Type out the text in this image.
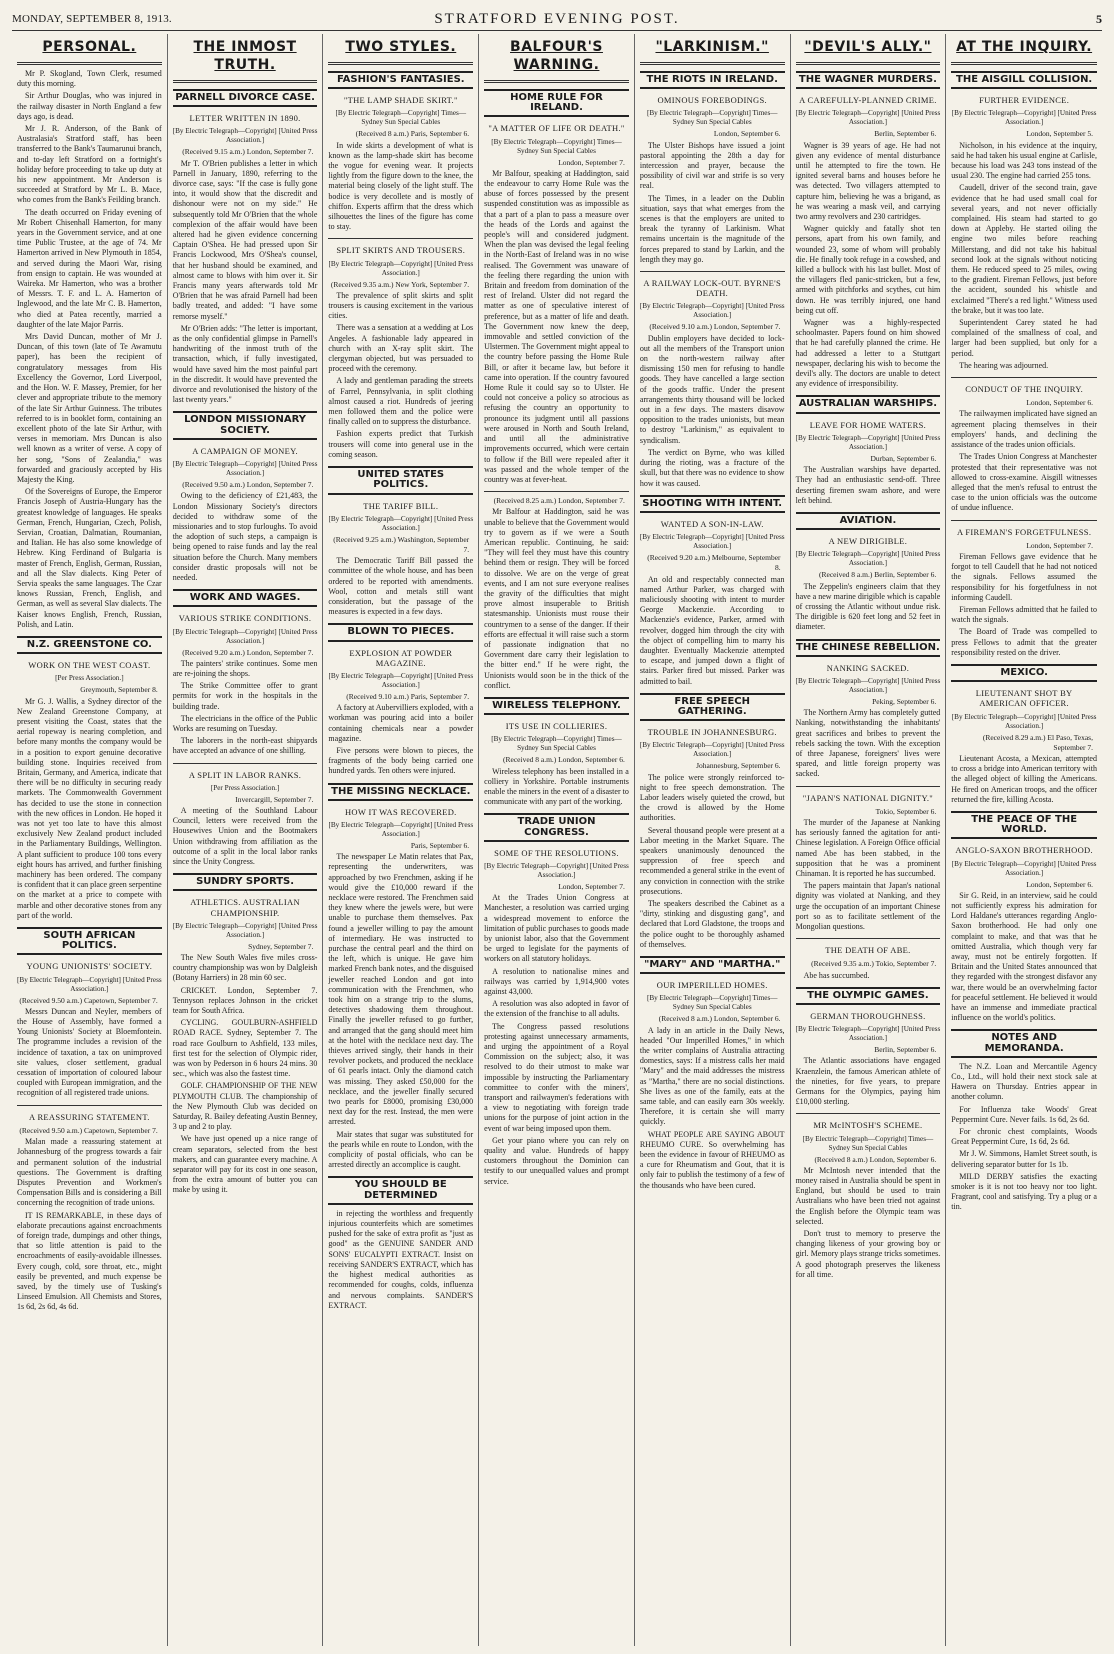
MONDAY, SEPTEMBER 8, 1913.	STRATFORD EVENING POST.	5
PERSONAL.

Mr P. Skogland, Town Clerk, resumed duty this morning.

Sir Arthur Douglas, who was injured in the railway disaster in North England a few days ago, is dead.

Mr J. R. Anderson, of the Bank of Australasia's Stratford staff, has been transferred to the Bank's Taumarunui branch, and to-day left Stratford on a fortnight's holiday before proceeding to take up duty at his new appointment. Mr Anderson is succeeded at Stratford by Mr L. B. Mace, who comes from the Bank's Feilding branch.

The death occurred on Friday evening of Mr Robert Chisenhall Hamerton, for many years in the Government service, and at one time Public Trustee, at the age of 74. Mr Hamerton arrived in New Plymouth in 1854, and served during the Maori War, rising from ensign to captain. He was wounded at Waireka. Mr Hamerton, who was a brother of Messrs. T. F. and L. A. Hamerton of Inglewood, and the late Mr C. B. Hamerton, who died at Patea recently, married a daughter of the late Major Parris.

Mrs David Duncan, mother of Mr J. Duncan, of this town (late of Te Awamutu paper), has been the recipient of congratulatory messages from His Excellency the Governor, Lord Liverpool, and the Hon. W. F. Massey, Premier, for her clever and appropriate tribute to the memory of the late Sir Arthur Guinness. The tributes referred to is in booklet form, containing an excellent photo of the late Sir Arthur, with verses in memoriam. Mrs Duncan is also well known as a writer of verse. A copy of her song, "Sons of Zealandia," was forwarded and graciously accepted by His Majesty the King.

Of the Sovereigns of Europe, the Emperor Francis Joseph of Austria-Hungary has the greatest knowledge of languages. He speaks German, French, Hungarian, Czech, Polish, Servian, Croatian, Dalmatian, Roumanian, and Italian. He has also some knowledge of Hebrew. King Ferdinand of Bulgaria is master of French, English, German, Russian, and all the Slav dialects. King Peter of Servia speaks the same languages. The Czar knows Russian, French, English, and German, as well as several Slav dialects. The Kaiser knows English, French, Russian, Polish, and Latin.

N.Z. GREENSTONE CO.
WORK ON THE WEST COAST.
[Per Press Association.]
Greymouth, September 8.

Mr G. J. Wallis, a Sydney director of the New Zealand Greenstone Company, at present visiting the Coast, states that the aerial ropeway is nearing completion, and before many months the company would be in a position to export genuine decorative building stone. Inquiries received from Britain, Germany, and America, indicate that there will be no difficulty in securing ready markets. The Commonwealth Government has decided to use the stone in connection with the new offices in London. He hoped it was not yet too late to have this almost exclusively New Zealand product included in the Parliamentary Buildings, Wellington. A plant sufficient to produce 100 tons every eight hours has arrived, and further finishing machinery has been ordered. The company is confident that it can place green serpentine on the market at a price to compete with marble and other decorative stones from any part of the world.

SOUTH AFRICAN POLITICS.
YOUNG UNIONISTS' SOCIETY.
[By Electric Telegraph—Copyright] [United Press Association.]
(Received 9.50 a.m.) Capetown, September 7.

Messrs Duncan and Neyler, members of the House of Assembly, have formed a Young Unionists' Society at Bloemfontein. The programme includes a revision of the incidence of taxation, a tax on unimproved site values, closer settlement, gradual cessation of importation of coloured labour coupled with European immigration, and the recognition of all registered trade unions.

A REASSURING STATEMENT.
(Received 9.50 a.m.) Capetown, September 7.

Malan made a reassuring statement at Johannesburg of the progress towards a fair and permanent solution of the industrial questions. The Government is drafting Disputes Prevention and Workmen's Compensation Bills and is considering a Bill concerning the recognition of trade unions.

IT IS REMARKABLE, in these days of elaborate precautions against encroachments of foreign trade, dumpings and other things, that so little attention is paid to the encroachments of easily-avoidable illnesses. Every cough, cold, sore throat, etc., might easily be prevented, and much expense be saved, by the timely use of Tusking's Linseed Emulsion. All Chemists and Stores, 1s 6d, 2s 6d, 4s 6d.

THE INMOST TRUTH.
PARNELL DIVORCE CASE.
LETTER WRITTEN IN 1890.
[By Electric Telegraph—Copyright] [United Press Association.]
(Received 9.15 a.m.) London, September 7.

Mr T. O'Brien publishes a letter in which Parnell in January, 1890, referring to the divorce case, says: "If the case is fully gone into, it would show that the discredit and dishonour were not on my side." He subsequently told Mr O'Brien that the whole complexion of the affair would have been altered had he given evidence concerning Captain O'Shea. He had pressed upon Sir Francis Lockwood, Mrs O'Shea's counsel, that her husband should be examined, and almost came to blows with him over it. Sir Francis many years afterwards told Mr O'Brien that he was afraid Parnell had been badly treated, and added: "I have some remorse myself."

Mr O'Brien adds: "The letter is important, as the only confidential glimpse in Parnell's handwriting of the inmost truth of the transaction, which, if fully investigated, would have saved him the most painful part in the discredit. It would have prevented the divorce and revolutionised the history of the last twenty years."

LONDON MISSIONARY SOCIETY.
A CAMPAIGN OF MONEY.
[By Electric Telegraph—Copyright] [United Press Association.]
(Received 9.50 a.m.) London, September 7.

Owing to the deficiency of £21,483, the London Missionary Society's directors decided to withdraw some of the missionaries and to stop furloughs. To avoid the adoption of such steps, a campaign is being opened to raise funds and lay the real situation before the Church. Many members consider drastic proposals will not be needed.

WORK AND WAGES.
VARIOUS STRIKE CONDITIONS.
[By Electric Telegraph—Copyright] [United Press Association.]
(Received 9.20 a.m.) London, September 7.

The painters' strike continues. Some men are re-joining the shops.

The Strike Committee offer to grant permits for work in the hospitals in the building trade.

The electricians in the office of the Public Works are resuming on Tuesday.

The laborers in the north-east shipyards have accepted an advance of one shilling.

A SPLIT IN LABOR RANKS.
[Per Press Association.]
Invercargill, September 7.

A meeting of the Southland Labour Council, letters were received from the Housewives Union and the Bootmakers Union withdrawing from affiliation as the outcome of a split in the local labor ranks since the Unity Congress.

SUNDRY SPORTS.
ATHLETICS. AUSTRALIAN CHAMPIONSHIP.
[By Electric Telegraph—Copyright] [United Press Association.]
Sydney, September 7.

The New South Wales five miles cross-country championship was won by Dalgleish (Botany Harriers) in 28 min 60 sec.

CRICKET. London, September 7. Tennyson replaces Johnson in the cricket team for South Africa.

CYCLING. GOULBURN-ASHFIELD ROAD RACE. Sydney, September 7. The road race Goulburn to Ashfield, 133 miles, first test for the selection of Olympic rider, was won by Pederson in 6 hours 24 mins. 30 sec., which was also the fastest time.

GOLF. CHAMPIONSHIP OF THE NEW PLYMOUTH CLUB. The championship of the New Plymouth Club was decided on Saturday, R. Bailey defeating Austin Benney, 3 up and 2 to play.

We have just opened up a nice range of cream separators, selected from the best makers, and can guarantee every machine. A separator will pay for its cost in one season, from the extra amount of butter you can make by using it.

TWO STYLES.
FASHION'S FANTASIES.
"THE LAMP SHADE SKIRT."
[By Electric Telegraph—Copyright] Times—Sydney Sun Special Cables
(Received 8 a.m.) Paris, September 6.

In wide skirts a development of what is known as the lamp-shade skirt has become the vogue for evening wear. It projects lightly from the figure down to the knee, the material being closely of the light stuff. The bodice is very decollete and is mostly of chiffon. Experts affirm that the dress which silhouettes the lines of the figure has come to stay.

SPLIT SKIRTS AND TROUSERS.
[By Electric Telegraph—Copyright] [United Press Association.]
(Received 9.35 a.m.) New York, September 7.

The prevalence of split skirts and split trousers is causing excitement in the various cities.

There was a sensation at a wedding at Los Angeles. A fashionable lady appeared in church with an X-ray split skirt. The clergyman objected, but was persuaded to proceed with the ceremony.

A lady and gentleman parading the streets of Farrel, Pennsylvania, in split clothing almost caused a riot. Hundreds of jeering men followed them and the police were finally called on to suppress the disturbance.

Fashion experts predict that Turkish trousers will come into general use in the coming season.

UNITED STATES POLITICS.
THE TARIFF BILL.
[By Electric Telegraph—Copyright] [United Press Association.]
(Received 9.25 a.m.) Washington, September 7.

The Democratic Tariff Bill passed the committee of the whole house, and has been ordered to be reported with amendments. Wool, cotton and metals still want consideration, but the passage of the measures is expected in a few days.

BLOWN TO PIECES.
EXPLOSION AT POWDER MAGAZINE.
[By Electric Telegraph—Copyright] [United Press Association.]
(Received 9.10 a.m.) Paris, September 7.

A factory at Aubervilliers exploded, with a workman was pouring acid into a boiler containing chemicals near a powder magazine.

Five persons were blown to pieces, the fragments of the body being carried one hundred yards. Ten others were injured.

THE MISSING NECKLACE.
HOW IT WAS RECOVERED.
[By Electric Telegraph—Copyright] [United Press Association.]
Paris, September 6.

The newspaper Le Matin relates that Pax, representing the underwriters, was approached by two Frenchmen, asking if he would give the £10,000 reward if the necklace were restored. The Frenchmen said they knew where the jewels were, but were unable to purchase them themselves. Pax found a jeweller willing to pay the amount of intermediary. He was instructed to purchase the central pearl and the third on the left, which is unique. He gave him marked French bank notes, and the disguised jeweller reached London and got into communication with the Frenchmen, who took him on a strange trip to the slums, detectives shadowing them throughout. Finally the jeweller refused to go further, and arranged that the gang should meet him at the hotel with the necklace next day. The thieves arrived singly, their hands in their revolver pockets, and produced the necklace of 61 pearls intact. Only the diamond catch was missing. They asked £50,000 for the necklace, and the jeweller finally secured two pearls for £8000, promising £30,000 next day for the rest. Instead, the men were arrested.

Mair states that sugar was substituted for the pearls while en route to London, with the complicity of postal officials, who can be arrested directly an accomplice is caught.

YOU SHOULD BE DETERMINED

in rejecting the worthless and frequently injurious counterfeits which are sometimes pushed for the sake of extra profit as "just as good" as the GENUINE SANDER AND SONS' EUCALYPTI EXTRACT. Insist on receiving SANDER'S EXTRACT, which has the highest medical authorities as recommended for coughs, colds, influenza and nervous complaints. SANDER'S EXTRACT.

BALFOUR'S WARNING.
HOME RULE FOR IRELAND.
"A MATTER OF LIFE OR DEATH."
[By Electric Telegraph—Copyright] Times—Sydney Sun Special Cables
London, September 7.

Mr Balfour, speaking at Haddington, said the endeavour to carry Home Rule was the abuse of forces possessed by the present suspended constitution was as impossible as that a part of a plan to pass a measure over the heads of the Lords and against the people's will and considered judgment. When the plan was devised the legal feeling in the North-East of Ireland was in no wise realised. The Government was unaware of the feeling there regarding the union with Britain and freedom from domination of the rest of Ireland. Ulster did not regard the matter as one of speculative interest of preference, but as a matter of life and death. The Government now knew the deep, immovable and settled conviction of the Ulstermen. The Government might appeal to the country before passing the Home Rule Bill, or after it became law, but before it came into operation. If the country favoured Home Rule it could say so to Ulster. He could not conceive a policy so atrocious as refusing the country an opportunity to pronounce its judgment until all passions were aroused in North and South Ireland, and until all the administrative improvements occurred, which were certain to follow if the Bill were repealed after it was passed and the whole temper of the country was at fever-heat.

(Received 8.25 a.m.) London, September 7.

Mr Balfour at Haddington, said he was unable to believe that the Government would try to govern as if we were a South American republic. Continuing, he said: "They will feel they must have this country behind them or resign. They will be forced to dissolve. We are on the verge of great events, and I am not sure everyone realises the gravity of the difficulties that might prove almost insuperable to British statesmanship. Unionists must rouse their countrymen to a sense of the danger. If their efforts are effectual it will raise such a storm of passionate indignation that no Government dare carry their legislation to the bitter end." If he were right, the Unionists would soon be in the thick of the conflict.

WIRELESS TELEPHONY.
ITS USE IN COLLIERIES.
[By Electric Telegraph—Copyright] Times—Sydney Sun Special Cables
(Received 8 a.m.) London, September 6.

Wireless telephony has been installed in a colliery in Yorkshire. Portable instruments enable the miners in the event of a disaster to communicate with any part of the working.

TRADE UNION CONGRESS.
SOME OF THE RESOLUTIONS.
[By Electric Telegraph—Copyright] [United Press Association.]
London, September 7.

At the Trades Union Congress at Manchester, a resolution was carried urging a widespread movement to enforce the limitation of public purchases to goods made by unionist labor, also that the Government be urged to legislate for the payments of workers on all statutory holidays.

A resolution to nationalise mines and railways was carried by 1,914,900 votes against 43,000.

A resolution was also adopted in favor of the extension of the franchise to all adults.

The Congress passed resolutions protesting against unnecessary armaments, and urging the appointment of a Royal Commission on the subject; also, it was resolved to do their utmost to make war impossible by instructing the Parliamentary committee to confer with the miners', transport and railwaymen's federations with a view to negotiating with foreign trade unions for the purpose of joint action in the event of war being imposed upon them.

Get your piano where you can rely on quality and value. Hundreds of happy customers throughout the Dominion can testify to our unequalled values and prompt service.

"LARKINISM."
THE RIOTS IN IRELAND.
OMINOUS FOREBODINGS.
[By Electric Telegraph—Copyright] Times—Sydney Sun Special Cables
London, September 6.

The Ulster Bishops have issued a joint pastoral appointing the 28th a day for intercession and prayer, because the possibility of civil war and strife is so very real.

The Times, in a leader on the Dublin situation, says that what emerges from the scenes is that the employers are united to break the tyranny of Larkinism. What remains uncertain is the magnitude of the forces prepared to stand by Larkin, and the length they may go.

A RAILWAY LOCK-OUT. BYRNE'S DEATH.
[By Electric Telegraph—Copyright] [United Press Association.]
(Received 9.10 a.m.) London, September 7.

Dublin employers have decided to lock-out all the members of the Transport union on the north-western railway after dismissing 150 men for refusing to handle goods. They have cancelled a large section of the goods traffic. Under the present arrangements thirty thousand will be locked out in a few days. The masters disavow opposition to the trades unionists, but mean to destroy "Larkinism," as equivalent to syndicalism.

The verdict on Byrne, who was killed during the rioting, was a fracture of the skull, but that there was no evidence to show how it was caused.

SHOOTING WITH INTENT.
WANTED A SON-IN-LAW.
[By Electric Telegraph—Copyright] [United Press Association.]
(Received 9.20 a.m.) Melbourne, September 8.

An old and respectably connected man named Arthur Parker, was charged with maliciously shooting with intent to murder George Mackenzie. According to Mackenzie's evidence, Parker, armed with revolver, dogged him through the city with the object of compelling him to marry his daughter. Eventually Mackenzie attempted to escape, and jumped down a flight of stairs. Parker fired but missed. Parker was admitted to bail.

FREE SPEECH GATHERING.
TROUBLE IN JOHANNESBURG.
[By Electric Telegraph—Copyright] [United Press Association.]
Johannesburg, September 6.

The police were strongly reinforced to-night to free speech demonstration. The Labor leaders wisely quieted the crowd, but the crowd is allowed by the Home authorities.

Several thousand people were present at a Labor meeting in the Market Square. The speakers unanimously denounced the suppression of free speech and recommended a general strike in the event of any conviction in connection with the strike prosecutions.

The speakers described the Cabinet as a "dirty, stinking and disgusting gang", and declared that Lord Gladstone, the troops and the police ought to be thoroughly ashamed of themselves.

"MARY" AND "MARTHA."
OUR IMPERILLED HOMES.
[By Electric Telegraph—Copyright] Times—Sydney Sun Special Cables
(Received 8 a.m.) London, September 6.

A lady in an article in the Daily News, headed "Our Imperilled Homes," in which the writer complains of Australia attracting domestics, says: If a mistress calls her maid "Mary" and the maid addresses the mistress as "Martha," there are no social distinctions. She lives as one of the family, eats at the same table, and can easily earn 30s weekly. Therefore, it is certain she will marry quickly.

WHAT PEOPLE ARE SAYING ABOUT RHEUMO CURE. So overwhelming has been the evidence in favour of RHEUMO as a cure for Rheumatism and Gout, that it is only fair to publish the testimony of a few of the thousands who have been cured.

"DEVIL'S ALLY."
THE WAGNER MURDERS.
A CAREFULLY-PLANNED CRIME.
[By Electric Telegraph—Copyright] [United Press Association.]
Berlin, September 6.

Wagner is 39 years of age. He had not given any evidence of mental disturbance until he attempted to fire the town. He ignited several barns and houses before he was detected. Two villagers attempted to capture him, believing he was a brigand, as he was wearing a mask veil, and carrying two army revolvers and 230 cartridges.

Wagner quickly and fatally shot ten persons, apart from his own family, and wounded 23, some of whom will probably die. He finally took refuge in a cowshed, and killed a bullock with his last bullet. Most of the villagers fled panic-stricken, but a few, armed with pitchforks and scythes, cut him down. He was terribly injured, one hand being cut off.

Wagner was a highly-respected schoolmaster. Papers found on him showed that he had carefully planned the crime. He had addressed a letter to a Stuttgart newspaper, declaring his wish to become the devil's ally. The doctors are unable to detect any evidence of irresponsibility.

AUSTRALIAN WARSHIPS.
LEAVE FOR HOME WATERS.
[By Electric Telegraph—Copyright] [United Press Association.]
Durban, September 6.

The Australian warships have departed. They had an enthusiastic send-off. Three deserting firemen swam ashore, and were left behind.

AVIATION.
A NEW DIRIGIBLE.
[By Electric Telegraph—Copyright] [United Press Association.]
(Received 8 a.m.) Berlin, September 6.

The Zeppelin's engineers claim that they have a new marine dirigible which is capable of crossing the Atlantic without undue risk. The dirigible is 620 feet long and 52 feet in diameter.

THE CHINESE REBELLION.
NANKING SACKED.
[By Electric Telegraph—Copyright] [United Press Association.]
Peking, September 6.

The Northern Army has completely gutted Nanking, notwithstanding the inhabitants' great sacrifices and bribes to prevent the rebels sacking the town. With the exception of three Japanese, foreigners' lives were spared, and little foreign property was sacked.

"JAPAN'S NATIONAL DIGNITY."
Tokio, September 6.

The murder of the Japanese at Nanking has seriously fanned the agitation for anti-Chinese legislation. A Foreign Office official named Abe has been stabbed, in the supposition that he was a prominent Chinaman. It is reported he has succumbed.

The papers maintain that Japan's national dignity was violated at Nanking, and they urge the occupation of an important Chinese port so as to facilitate settlement of the Mongolian questions.

THE DEATH OF ABE.
(Received 9.35 a.m.) Tokio, September 7.

Abe has succumbed.

THE OLYMPIC GAMES.
GERMAN THOROUGHNESS.
[By Electric Telegraph—Copyright] [United Press Association.]
Berlin, September 6.

The Atlantic associations have engaged Kraenzlein, the famous American athlete of the nineties, for five years, to prepare Germans for the Olympics, paying him £10,000 sterling.

MR McINTOSH'S SCHEME.
[By Electric Telegraph—Copyright] Times—Sydney Sun Special Cables
(Received 8 a.m.) London, September 6.

Mr McIntosh never intended that the money raised in Australia should be spent in England, but should be used to train Australians who have been tried not against the English before the Olympic team was selected.

Don't trust to memory to preserve the changing likeness of your growing boy or girl. Memory plays strange tricks sometimes. A good photograph preserves the likeness for all time.

AT THE INQUIRY.
THE AISGILL COLLISION.
FURTHER EVIDENCE.
[By Electric Telegraph—Copyright] [United Press Association.]
London, September 5.

Nicholson, in his evidence at the inquiry, said he had taken his usual engine at Carlisle, because his load was 243 tons instead of the usual 230. The engine had carried 255 tons.

Caudell, driver of the second train, gave evidence that he had used small coal for several years, and not never officially complained. His steam had started to go down at Appleby. He started oiling the engine two miles before reaching Millerstang, and did not take his habitual second look at the signals without noticing them. He reduced speed to 25 miles, owing to the gradient. Fireman Fellows, just before the accident, sounded his whistle and exclaimed "There's a red light." Witness used the brake, but it was too late.

Superintendent Carey stated he had complained of the smallness of coal, and larger had been supplied, but only for a period.

The hearing was adjourned.

CONDUCT OF THE INQUIRY.
London, September 6.

The railwaymen implicated have signed an agreement placing themselves in their employers' hands, and declining the assistance of the trades union officials.

The Trades Union Congress at Manchester protested that their representative was not allowed to cross-examine. Aisgill witnesses alleged that the men's refusal to entrust the case to the union officials was the outcome of undue influence.

A FIREMAN'S FORGETFULNESS.
London, September 7.

Fireman Fellows gave evidence that he forgot to tell Caudell that he had not noticed the signals. Fellows assumed the responsibility for his forgetfulness in not informing Caudell.

Fireman Fellows admitted that he failed to watch the signals.

The Board of Trade was compelled to press Fellows to admit that the greater responsibility rested on the driver.

MEXICO.
LIEUTENANT SHOT BY AMERICAN OFFICER.
[By Electric Telegraph—Copyright] [United Press Association.]
(Received 8.29 a.m.) El Paso, Texas, September 7.

Lieutenant Acosta, a Mexican, attempted to cross a bridge into American territory with the alleged object of killing the Americans. He fired on American troops, and the officer returned the fire, killing Acosta.

THE PEACE OF THE WORLD.
ANGLO-SAXON BROTHERHOOD.
[By Electric Telegraph—Copyright] [United Press Association.]
London, September 6.

Sir G. Reid, in an interview, said he could not sufficiently express his admiration for Lord Haldane's utterances regarding Anglo-Saxon brotherhood. He had only one complaint to make, and that was that he omitted Australia, which though very far away, must not be entirely forgotten. If Britain and the United States announced that they regarded with the strongest disfavor any war, there would be an overwhelming factor for peaceful settlement. He believed it would have an immense and immediate practical influence on the world's politics.

NOTES AND MEMORANDA.

The N.Z. Loan and Mercantile Agency Co., Ltd., will hold their next stock sale at Hawera on Thursday. Entries appear in another column.

For Influenza take Woods' Great Peppermint Cure. Never fails. 1s 6d, 2s 6d.

For chronic chest complaints, Woods Great Peppermint Cure, 1s 6d, 2s 6d.

Mr J. W. Simmons, Hamlet Street south, is delivering separator butter for 1s 1b.

MILD DERBY satisfies the exacting smoker is it is not too heavy nor too light. Fragrant, cool and satisfying. Try a plug or a tin.
